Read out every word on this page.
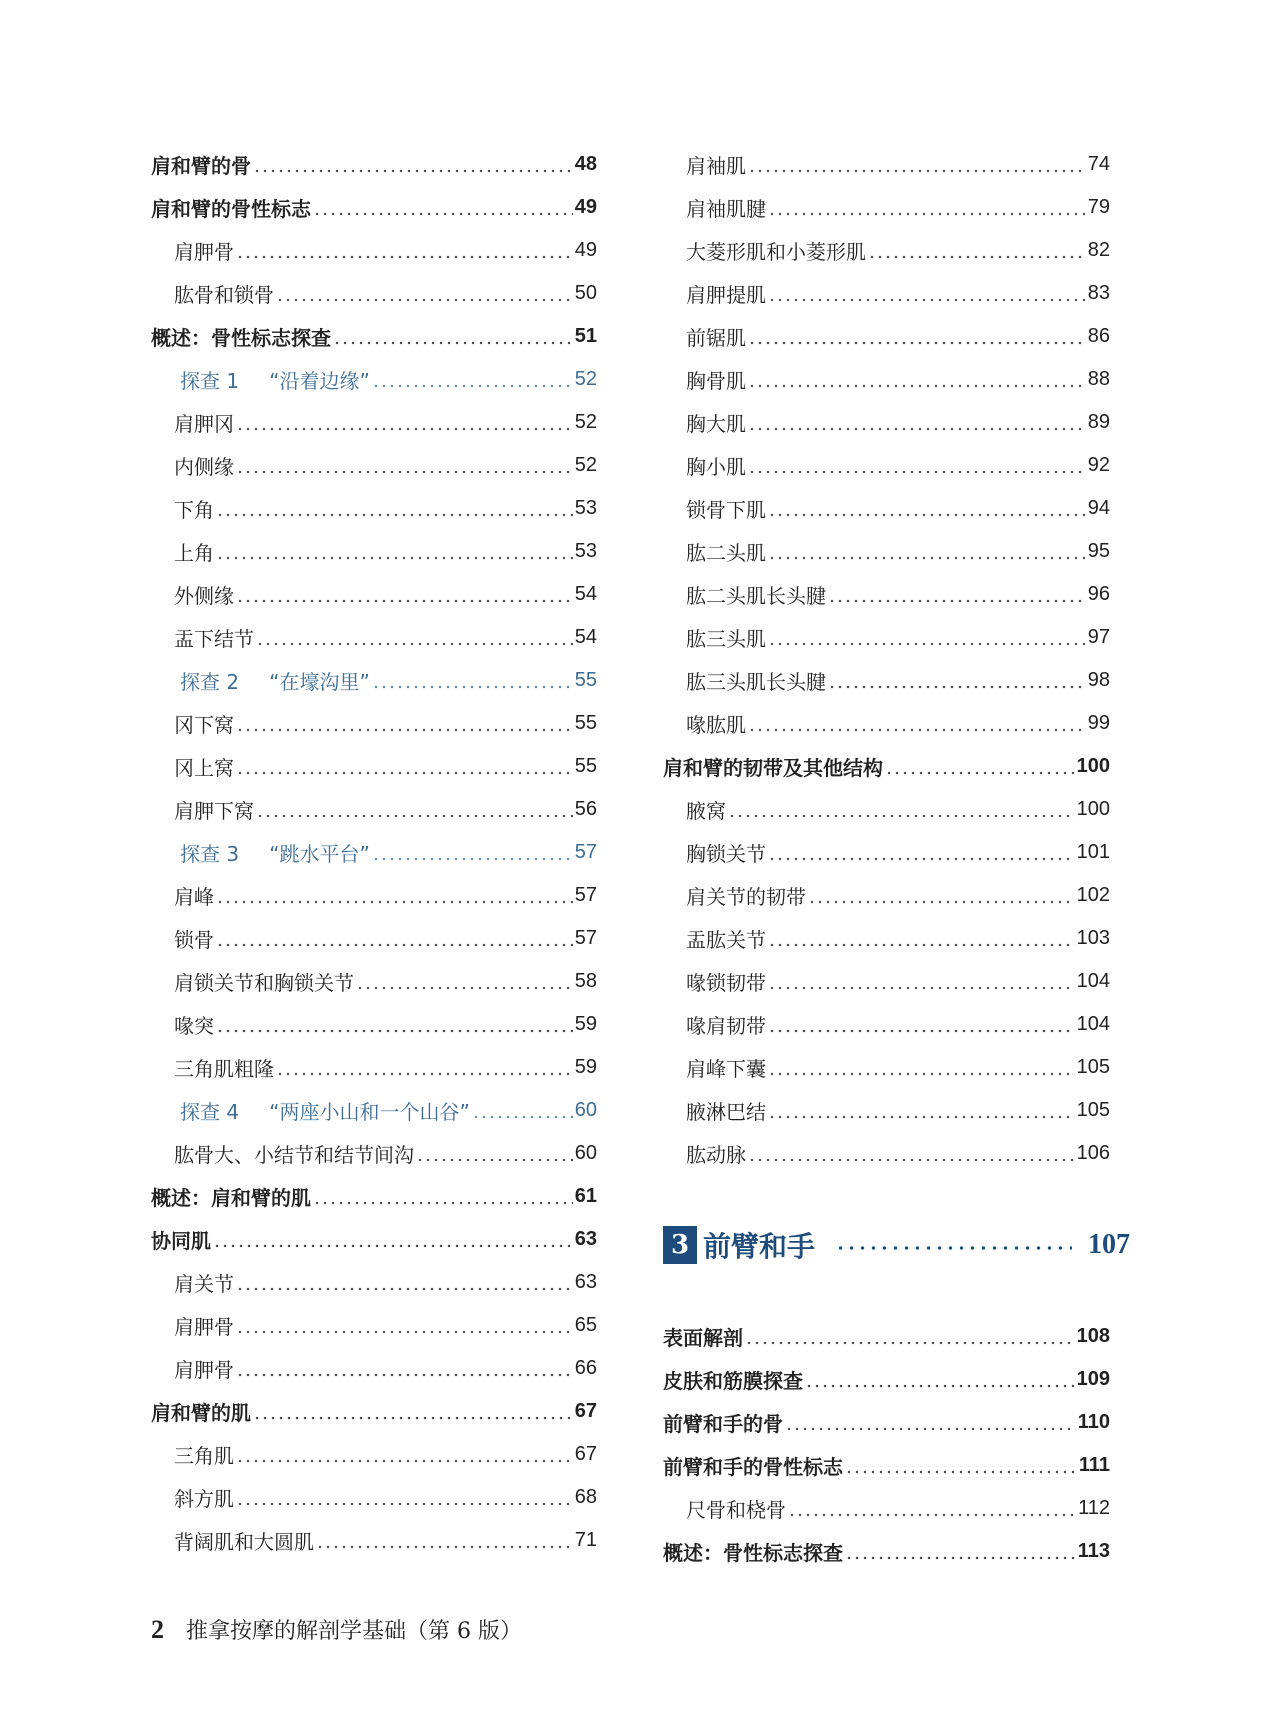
肩和臂的骨	48
肩和臂的骨性标志	49
肩胛骨	49
肱骨和锁骨	50
概述：骨性标志探查	51
探查 1 “沿着边缘”	52
肩胛冈	52
内侧缘	52
下角	53
上角	53
外侧缘	54
盂下结节	54
探查 2 “在壕沟里”	55
冈下窝	55
冈上窝	55
肩胛下窝	56
探查 3 “跳水平台”	57
肩峰	57
锁骨	57
肩锁关节和胸锁关节	58
喙突	59
三角肌粗隆	59
探查 4 “两座小山和一个山谷”	60
肱骨大、小结节和结节间沟	60
概述：肩和臂的肌	61
协同肌	63
肩关节	63
肩胛骨	65
肩胛骨	66
肩和臂的肌	67
三角肌	67
斜方肌	68
背阔肌和大圆肌	71
肩袖肌	74
肩袖肌腱	79
大菱形肌和小菱形肌	82
肩胛提肌	83
前锯肌	86
胸骨肌	88
胸大肌	89
胸小肌	92
锁骨下肌	94
肱二头肌	95
肱二头肌长头腱	96
肱三头肌	97
肱三头肌长头腱	98
喙肱肌	99
肩和臂的韧带及其他结构	100
腋窝	100
胸锁关节	101
肩关节的韧带	102
盂肱关节	103
喙锁韧带	104
喙肩韧带	104
肩峰下囊	105
腋淋巴结	105
肱动脉	106
3 前臂和手	107
表面解剖	108
皮肤和筋膜探查	109
前臂和手的骨	110
前臂和手的骨性标志	111
尺骨和桡骨	112
概述：骨性标志探查	113
2 推拿按摩的解剖学基础（第 6 版）
